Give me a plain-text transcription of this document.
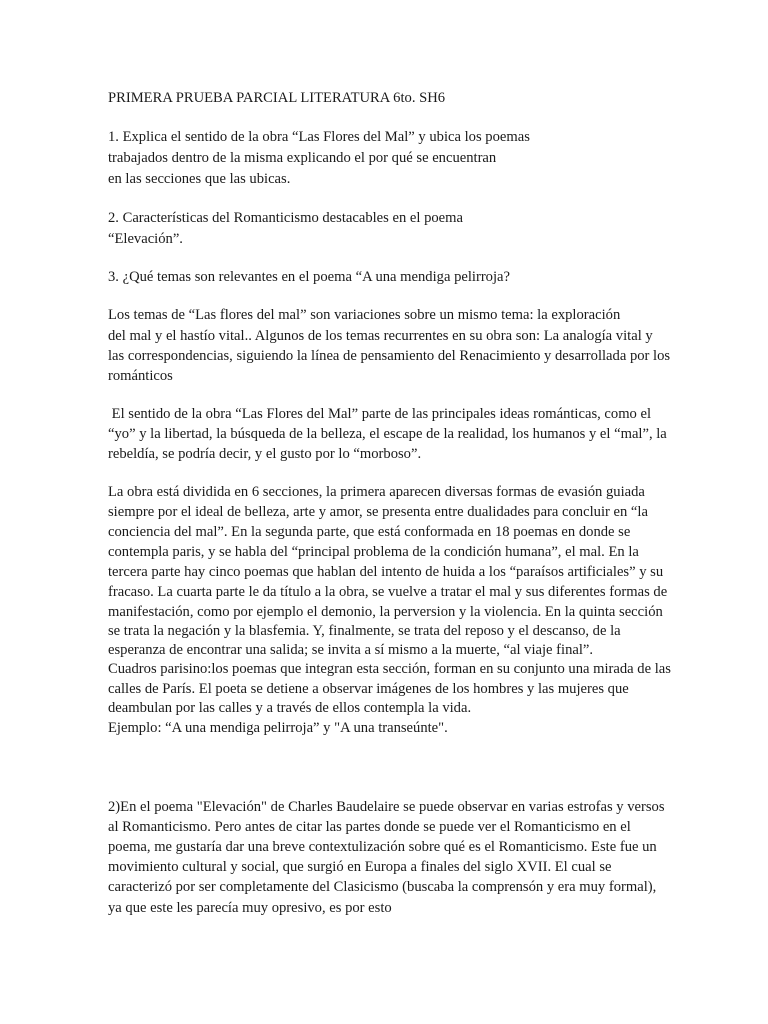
PRIMERA PRUEBA PARCIAL LITERATURA 6to. SH6
1. Explica el sentido de la obra “Las Flores del Mal” y ubica los poemas
trabajados dentro de la misma explicando el por qué se encuentran
en las secciones que las ubicas.
2. Características del Romanticismo destacables en el poema
“Elevación”.
3. ¿Qué temas son relevantes en el poema “A una mendiga pelirroja?
Los temas de “Las flores del mal” son variaciones sobre un mismo tema: la exploración
del mal y el hastío vital.. Algunos de los temas recurrentes en su obra son: La analogía vital y
las correspondencias, siguiendo la línea de pensamiento del Renacimiento y desarrollada por los
románticos
El sentido de la obra “Las Flores del Mal” parte de las principales ideas románticas, como el
“yo” y la libertad, la búsqueda de la belleza, el escape de la realidad, los humanos y el “mal”, la
rebeldía, se podría decir, y el gusto por lo “morboso”.
La obra está dividida en 6 secciones, la primera aparecen diversas formas de evasión guiada
siempre por el ideal de belleza, arte y amor, se presenta entre dualidades para concluir en “la
conciencia del mal”. En la segunda parte, que está conformada en 18 poemas en donde se
contempla paris, y se habla del “principal problema de la condición humana”, el mal. En la
tercera parte hay cinco poemas que hablan del intento de huida a los “paraísos artificiales” y su
fracaso. La cuarta parte le da título a la obra, se vuelve a tratar el mal y sus diferentes formas de
manifestación, como por ejemplo el demonio, la perversion y la violencia. En la quinta sección
se trata la negación y la blasfemia. Y, finalmente, se trata del reposo y el descanso, de la
esperanza de encontrar una salida; se invita a sí mismo a la muerte, “al viaje final”.
Cuadros parisino:los poemas que integran esta sección, forman en su conjunto una mirada de las
calles de París. El poeta se detiene a observar imágenes de los hombres y las mujeres que
deambulan por las calles y a través de ellos contempla la vida.
Ejemplo: “A una mendiga pelirroja” y "A una transeúnte".
2)En el poema "Elevación" de Charles Baudelaire se puede observar en varias estrofas y versos
al Romanticismo. Pero antes de citar las partes donde se puede ver el Romanticismo en el
poema, me gustaría dar una breve contextulización sobre qué es el Romanticismo. Este fue un
movimiento cultural y social, que surgió en Europa a finales del siglo XVII. El cual se
caracterizó por ser completamente del Clasicismo (buscaba la comprensón y era muy formal),
ya que este les parecía muy opresivo, es por esto
